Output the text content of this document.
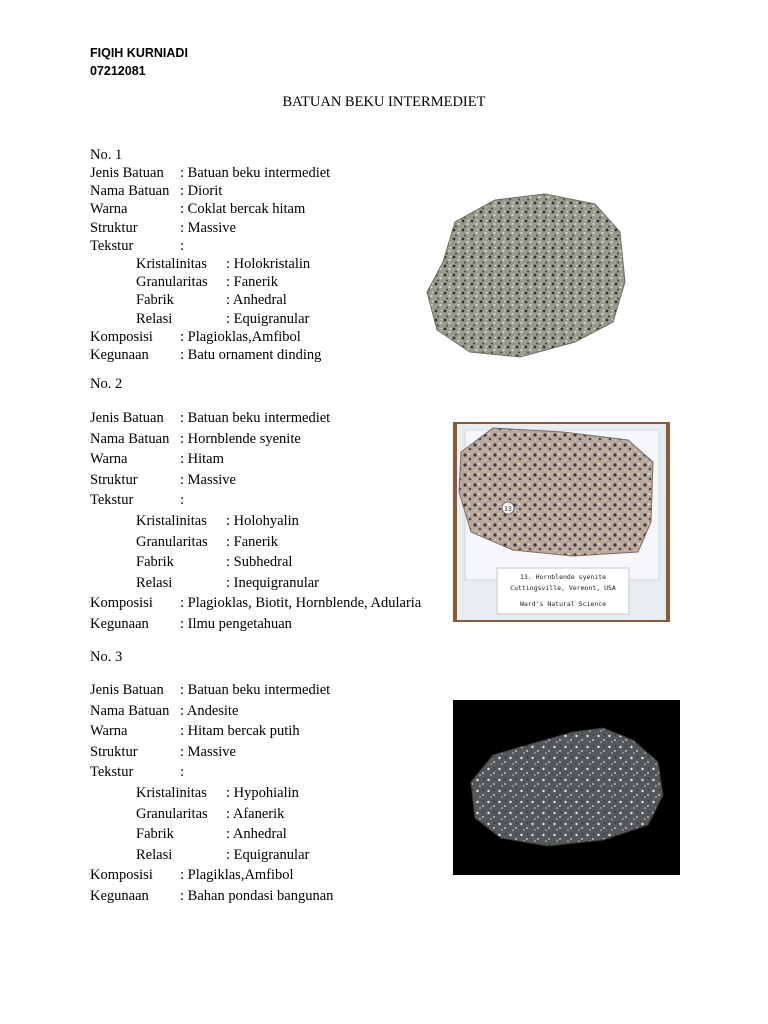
FIQIH KURNIADI
07212081
BATUAN BEKU INTERMEDIET
No. 1
Jenis Batuan : Batuan beku intermediet
Nama Batuan : Diorit
Warna	: Coklat bercak hitam
Struktur	: Massive
Tekstur	:
Kristalinitas : Holokristalin
Granularitas : Fanerik
Fabrik	: Anhedral
Relasi	: Equigranular
Komposisi : Plagioklas,Amfibol
Kegunaan : Batu ornament dinding
No. 2
Jenis Batuan : Batuan beku intermediet
Nama Batuan : Hornblende syenite
Warna	: Hitam
Struktur	: Massive
Tekstur	:
Kristalinitas : Holohyalin
Granularitas : Fanerik
Fabrik	: Subhedral
Relasi	: Inequigranular
Komposisi : Plagioklas, Biotit, Hornblende, Adularia
Kegunaan : Ilmu pengetahuan
No. 3
Jenis Batuan : Batuan beku intermediet
Nama Batuan : Andesite
Warna	: Hitam bercak putih
Struktur	: Massive
Tekstur	:
Kristalinitas : Hypohialin
Granularitas : Afanerik
Fabrik	: Anhedral
Relasi	: Equigranular
Komposisi : Plagiklas,Amfibol
Kegunaan : Bahan pondasi bangunan
13
13. Hornblende syenite
Cuttingsville, Vermont, USA
Ward's Natural Science
